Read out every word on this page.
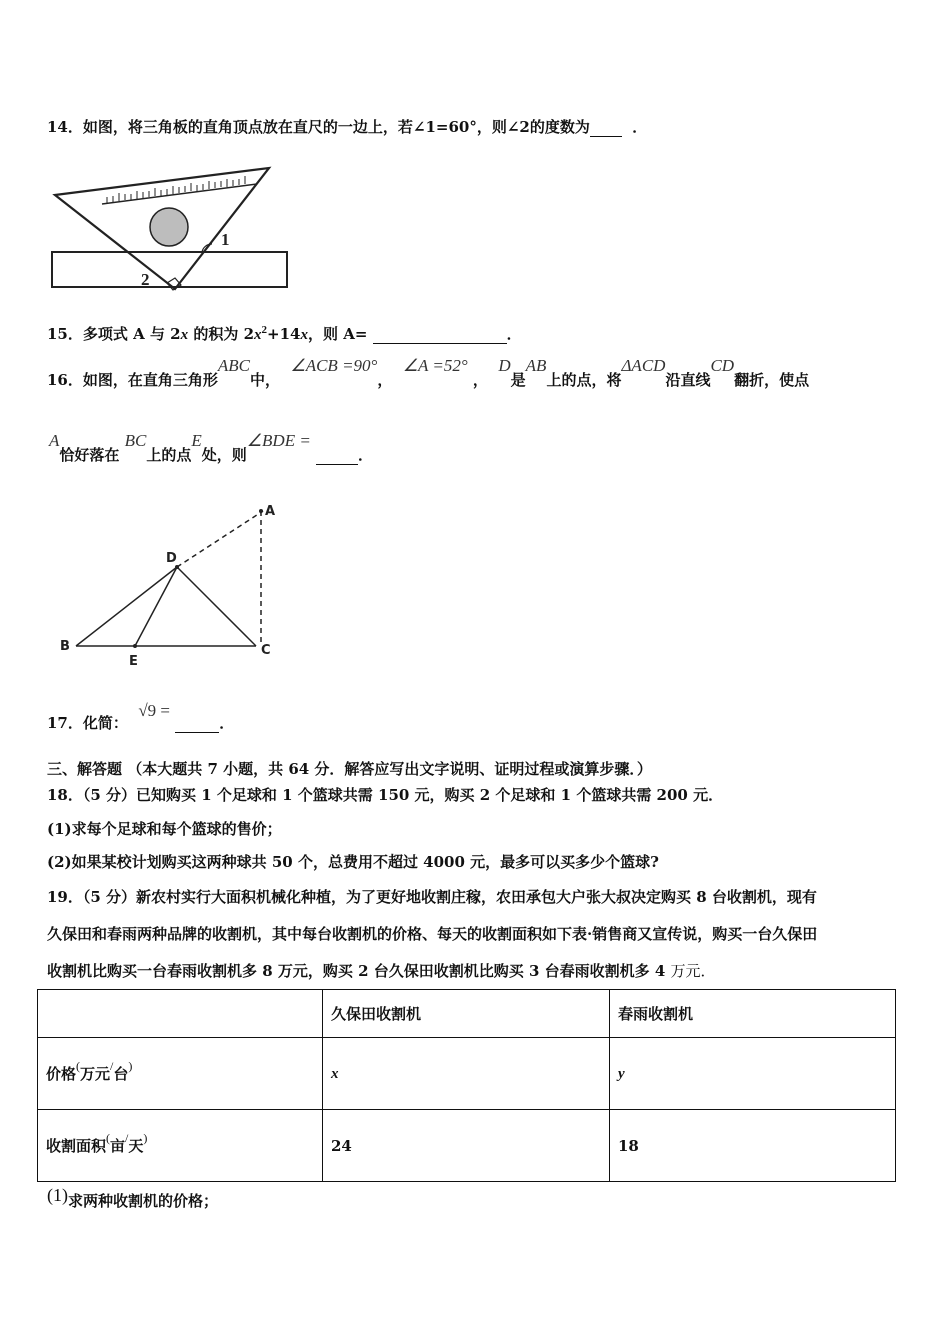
14．如图，将三角板的直角顶点放在直尺的一边上，若∠1=60°，则∠2的度数为	．
1
2
15．多项式 A 与 2x 的积为 $2x^2+14x$，则 A=	．
16．如图，在直角三角形ABC中，  ∠ACB =90°，  ∠A =52° ，  D是AB上的点，将ΔACD沿直线CD翻折，使点
A恰好落在 BC上的点E处，则∠BDE =  ．
A
D
B
E
C
17．化简：  √9 =  ．
三、解答题 （本大题共 7 小题，共 64 分．解答应写出文字说明、证明过程或演算步骤．）
18．（5 分）已知购买 1 个足球和 1 个篮球共需 150 元，购买 2 个足球和 1 个篮球共需 200 元．
(1)求每个足球和每个篮球的售价；
(2)如果某校计划购买这两种球共 50 个，总费用不超过 4000 元，最多可以买多少个篮球?
19．（5 分）新农村实行大面积机械化种植，为了更好地收割庄稼，农田承包大户张大叔决定购买 8 台收割机，现有
久保田和春雨两种品牌的收割机，其中每台收割机的价格、每天的收割面积如下表·销售商又宣传说，购买一台久保田
收割机比购买一台春雨收割机多 8 万元，购买 2 台久保田收割机比购买 3 台春雨收割机多 4 万元．
	久保田收割机	春雨收割机
价格(万元/台)	x	y
收割面积(亩/天)	24	18
(1)求两种收割机的价格；
